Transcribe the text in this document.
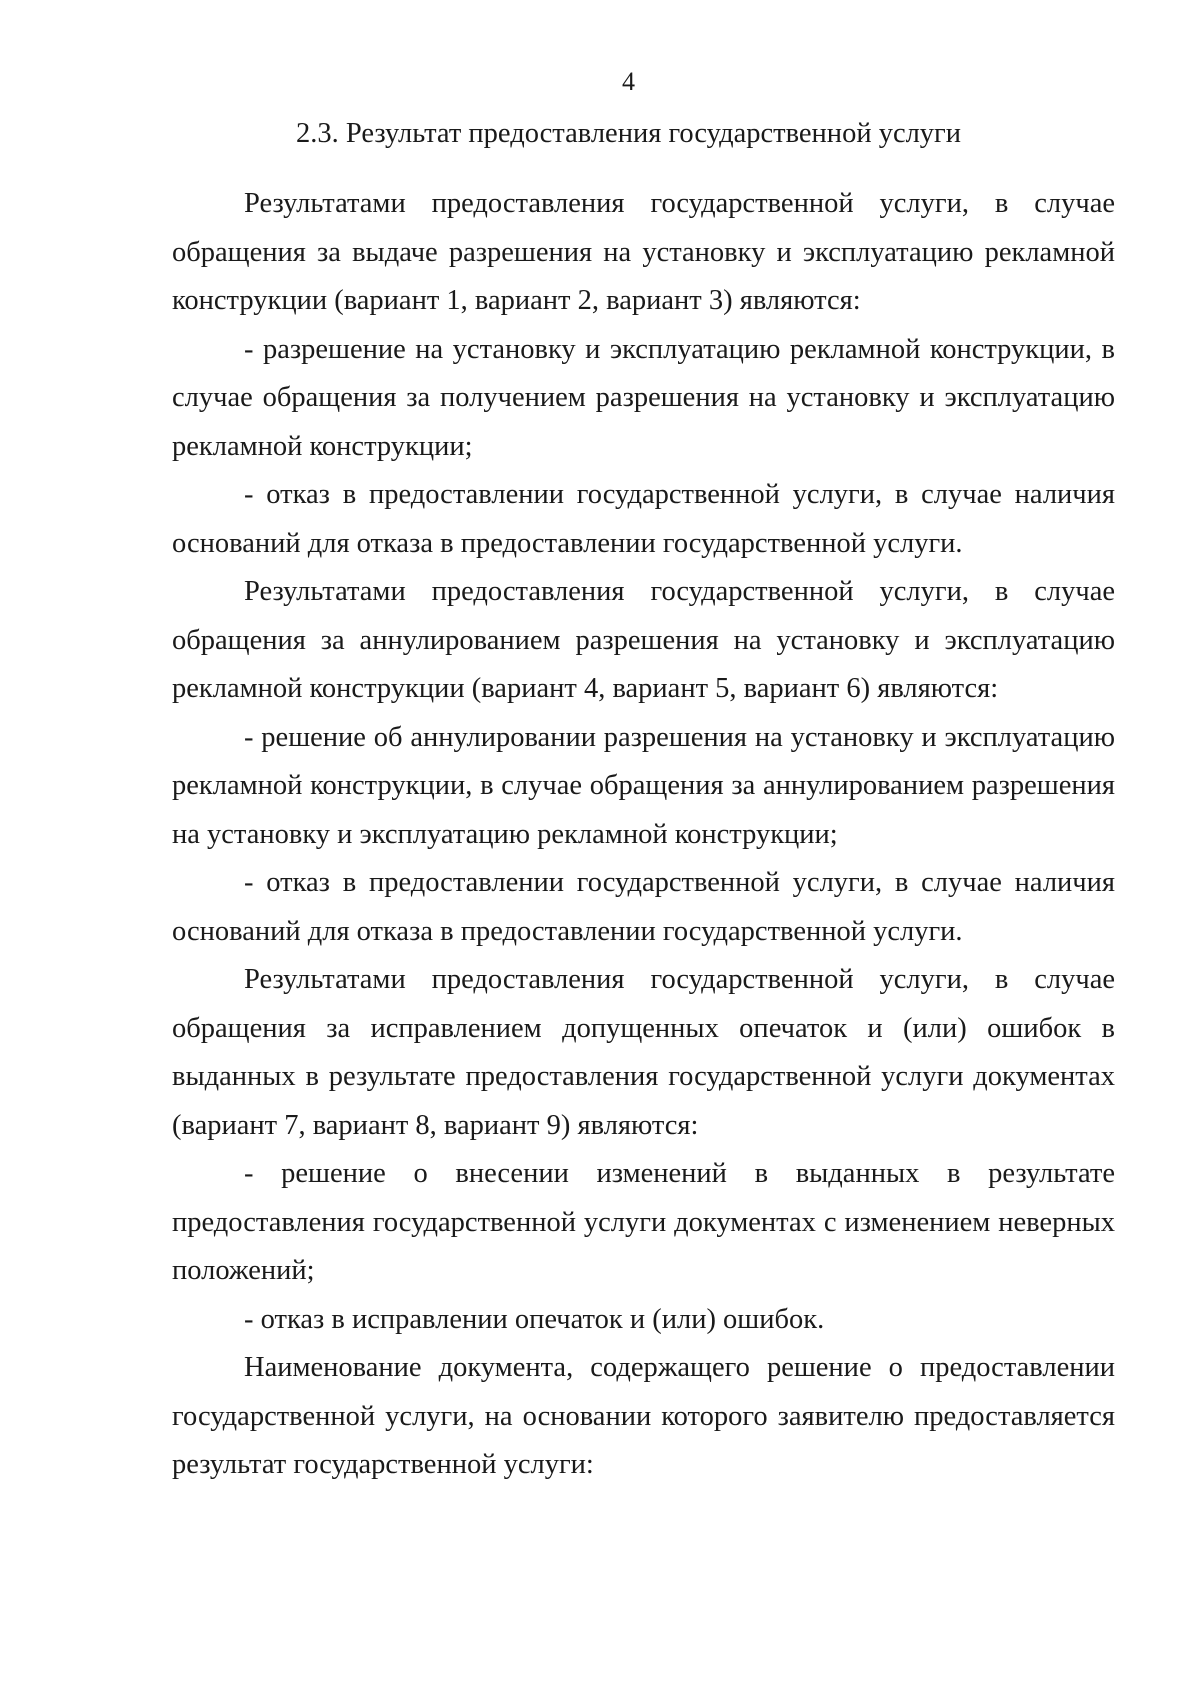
4
2.3. Результат предоставления государственной услуги

Результатами предоставления государственной услуги, в случае обращения за выдаче разрешения на установку и эксплуатацию рекламной конструкции (вариант 1, вариант 2, вариант 3) являются:

- разрешение на установку и эксплуатацию рекламной конструкции, в случае обращения за получением разрешения на установку и эксплуатацию рекламной конструкции;

- отказ в предоставлении государственной услуги, в случае наличия оснований для отказа в предоставлении государственной услуги.

Результатами предоставления государственной услуги, в случае обращения за аннулированием разрешения на установку и эксплуатацию рекламной конструкции (вариант 4, вариант 5, вариант 6) являются:

- решение об аннулировании разрешения на установку и эксплуатацию рекламной конструкции, в случае обращения за аннулированием разрешения на установку и эксплуатацию рекламной конструкции;

- отказ в предоставлении государственной услуги, в случае наличия оснований для отказа в предоставлении государственной услуги.

Результатами предоставления государственной услуги, в случае обращения за исправлением допущенных опечаток и (или) ошибок в выданных в результате предоставления государственной услуги документах (вариант 7, вариант 8, вариант 9) являются:

- решение о внесении изменений в выданных в результате предоставления государственной услуги документах с изменением неверных положений;

- отказ в исправлении опечаток и (или) ошибок.

Наименование документа, содержащего решение о предоставлении государственной услуги, на основании которого заявителю предоставляется результат государственной услуги:
